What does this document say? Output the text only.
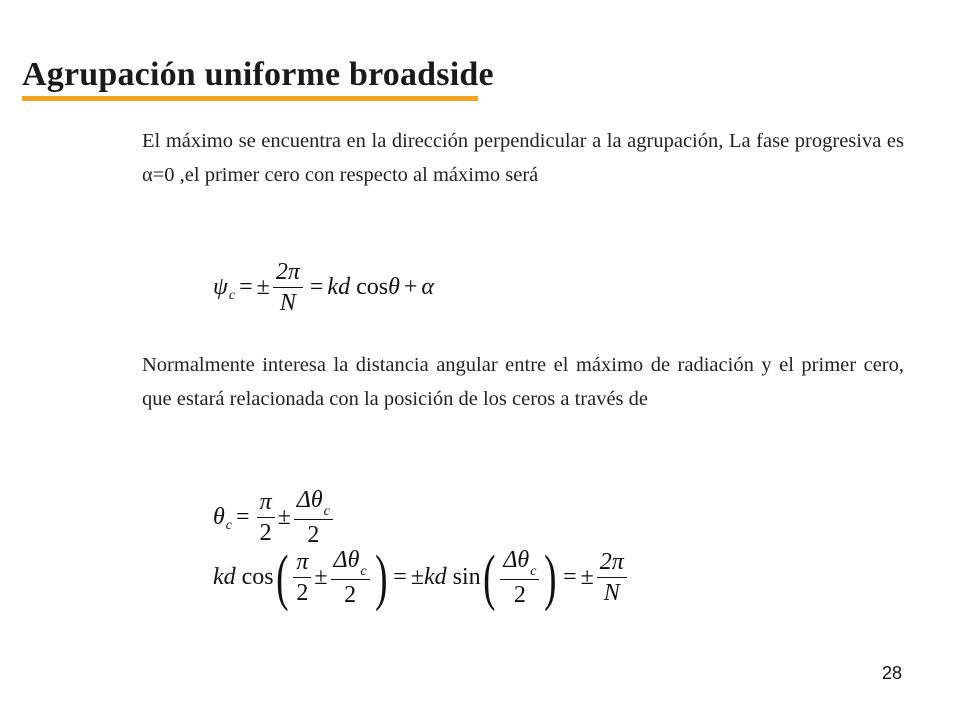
Agrupación uniforme broadside
El máximo se encuentra en la dirección perpendicular a la agrupación, La fase progresiva es α=0 ,el primer cero con respecto al máximo será
ψ c = ± $\frac{2\pi}{N}$ = kd
cos θ + α
Normalmente interesa la distancia angular entre el máximo de radiación y el primer cero, que estará relacionada con la posición de los ceros a través de
θ $c = \frac{\pi}{2} \pm \frac{\Delta\theta_c}{2}$
kd
cos ( $\frac{\pi}{2} \pm \frac{\Delta\theta_c}{2}$ ) = ± kd
sin ( $\frac{\Delta\theta_c}{2}$ ) = ± $\frac{2\pi}{N}$
28
